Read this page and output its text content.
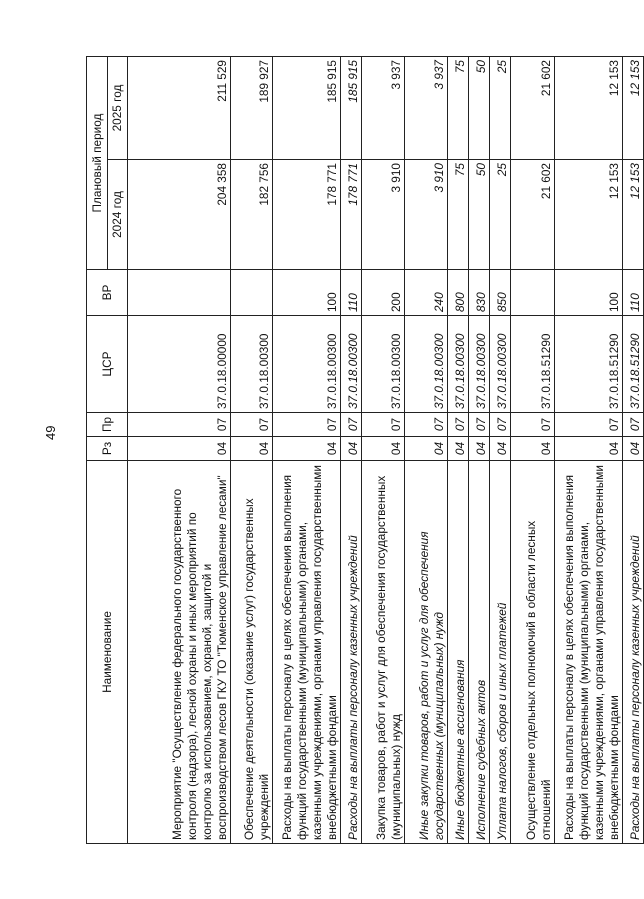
49
Наименование	Рз	Пр	ЦСР	ВР	Плановый период	
					2024 год	2025 год
Мероприятие "Осуществление федерального государственного контроля (надзора), лесной охраны и иных мероприятий по контролю за использованием, охраной, защитой и воспроизводством лесов ГКУ ТО "Тюменское управление лесами"	04	07	37.0.18.00000		204 358	211 529
Обеспечение деятельности (оказание услуг) государственных учреждений	04	07	37.0.18.00300		182 756	189 927
Расходы на выплаты персоналу в целях обеспечения выполнения функций государственными (муниципальными) органами, казенными учреждениями, органами управления государственными внебюджетными фондами	04	07	37.0.18.00300	100	178 771	185 915
Расходы на выплаты персоналу казенных учреждений	04	07	37.0.18.00300	110	178 771	185 915
Закупка товаров, работ и услуг для обеспечения государственных (муниципальных) нужд	04	07	37.0.18.00300	200	3 910	3 937
Иные закупки товаров, работ и услуг для обеспечения государственных (муниципальных) нужд	04	07	37.0.18.00300	240	3 910	3 937
Иные бюджетные ассигнования	04	07	37.0.18.00300	800	75	75
Исполнение судебных актов	04	07	37.0.18.00300	830	50	50
Уплата налогов, сборов и иных платежей	04	07	37.0.18.00300	850	25	25
Осуществление отдельных полномочий в области лесных отношений	04	07	37.0.18.51290		21 602	21 602
Расходы на выплаты персоналу в целях обеспечения выполнения функций государственными (муниципальными) органами, казенными учреждениями, органами управления государственными внебюджетными фондами	04	07	37.0.18.51290	100	12 153	12 153
Расходы на выплаты персоналу казенных учреждений	04	07	37.0.18.51290	110	12 153	12 153
